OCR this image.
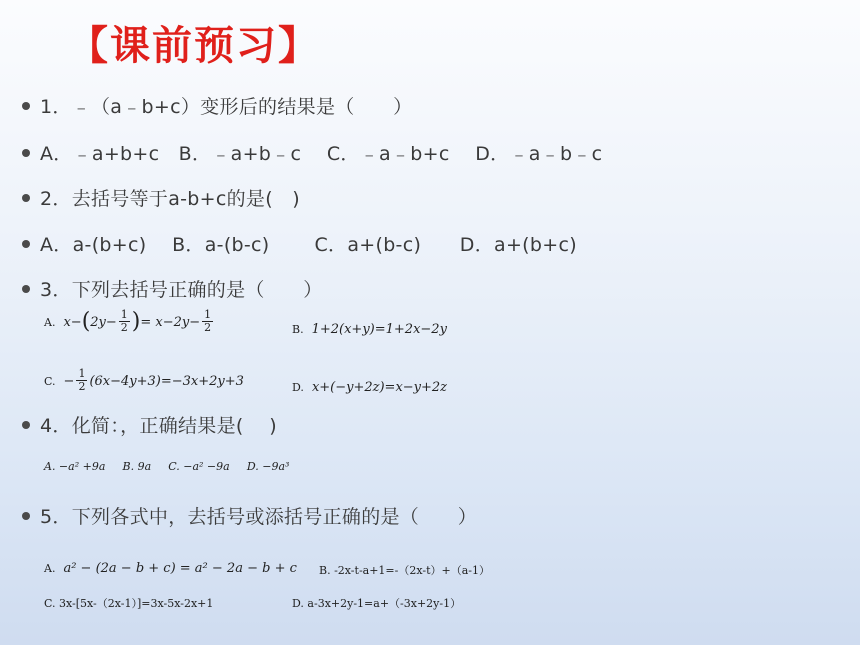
【课前预习】
1．﹣（a﹣b+c）变形后的结果是（　　）
A．﹣a+b+c　B．﹣a+b﹣c　 C．﹣a﹣b+c　 D．﹣a﹣b﹣c
2．去括号等于a-b+c的是(　)
A．a-(b+c)　 B．a-(b-c)　　 C．a+(b-c)　　D．a+(b+c)
3．下列去括号正确的是（　　）
A. $x-(2y- \frac{1}{2}$ )= $x-2y- \frac{1}{2}$	B. 1+2(x+y)=1+2x−2y
C. − $\frac{1}{2} (6x-4y+3)=-3x+2y+3$	D. x+(−y+2z)=x−y+2z
4．化简：，正确结果是(　 )
A. −a² +9a B. 9a C. −a² −9a D. −9a³
5．下列各式中，去括号或添括号正确的是（　　）
A. a² − (2a − b + c) = a² − 2a − b + c B. -2x-t-a+1=-（2x-t）+（a-1）
C. 3x-[5x-（2x-1）]=3x-5x-2x+1	D. a-3x+2y-1=a+（-3x+2y-1）
